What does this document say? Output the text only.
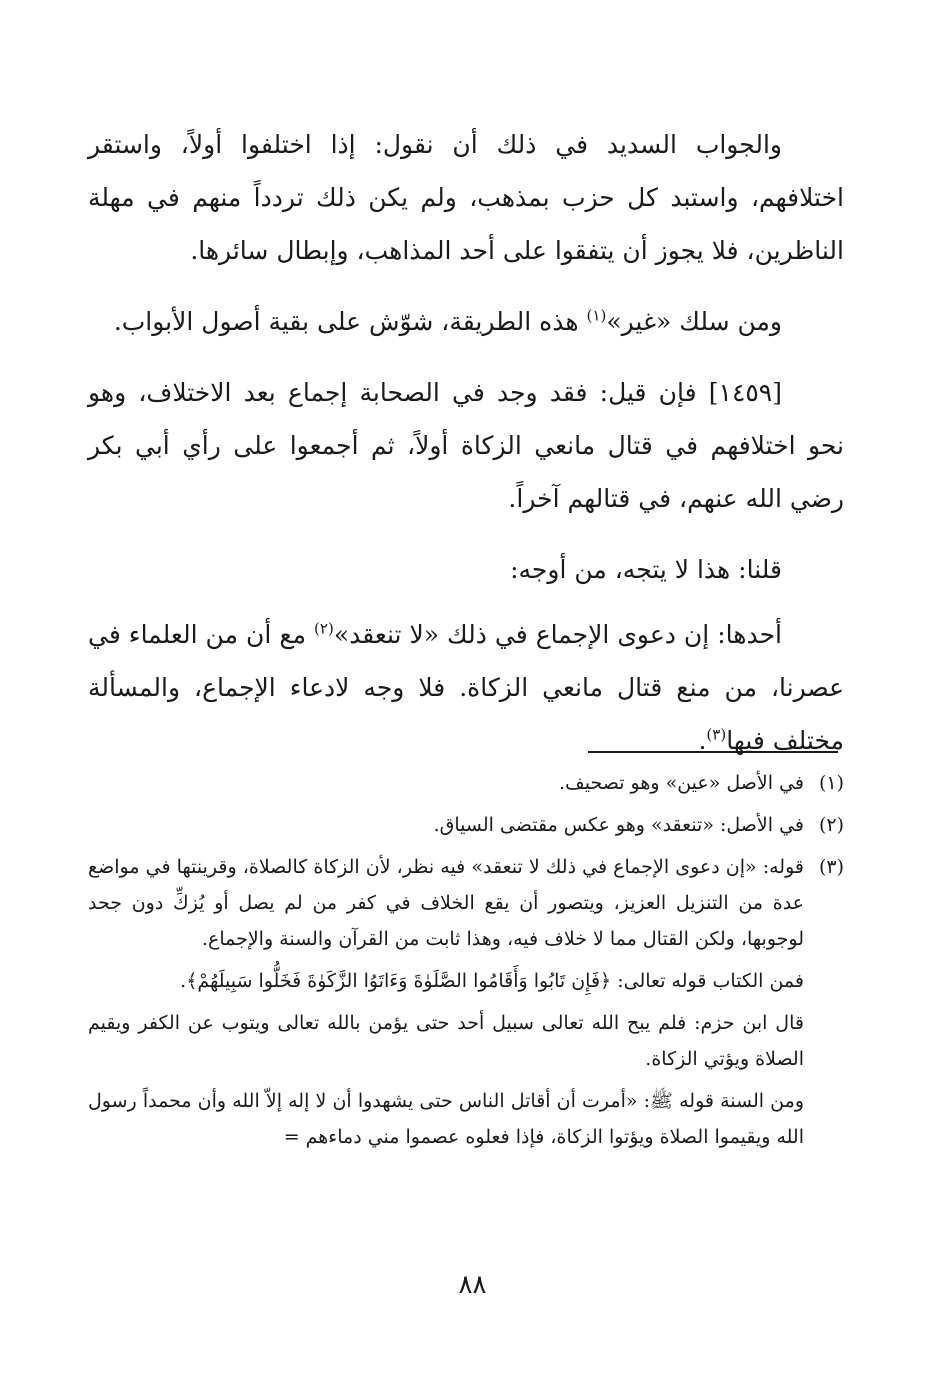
والجواب السديد في ذلك أن نقول: إذا اختلفوا أولاً، واستقر اختلافهم، واستبد كل حزب بمذهب، ولم يكن ذلك تردداً منهم في مهلة الناظرين، فلا يجوز أن يتفقوا على أحد المذاهب، وإبطال سائرها.

ومن سلك «غير»$^{(١)}$ هذه الطريقة، شوّش على بقية أصول الأبواب.

[١٤٥٩] فإن قيل: فقد وجد في الصحابة إجماع بعد الاختلاف، وهو نحو اختلافهم في قتال مانعي الزكاة أولاً، ثم أجمعوا على رأي أبي بكر رضي الله عنهم، في قتالهم آخراً.

قلنا: هذا لا يتجه، من أوجه:

أحدها: إن دعوى الإجماع في ذلك «لا تنعقد»$^{(٢)}$ مع أن من العلماء في عصرنا، من منع قتال مانعي الزكاة. فلا وجه لادعاء الإجماع، والمسألة مختلف فيها$^{(٣)}$.

(١)
في الأصل «عين» وهو تصحيف.
(٢)
في الأصل: «تنعقد» وهو عكس مقتضى السياق.
(٣)

قوله: «إن دعوى الإجماع في ذلك لا تنعقد» فيه نظر، لأن الزكاة كالصلاة، وقرينتها في مواضع عدة من التنزيل العزيز، ويتصور أن يقع الخلاف في كفر من لم يصل أو يُزكِّ دون جحد لوجوبها، ولكن القتال مما لا خلاف فيه، وهذا ثابت من القرآن والسنة والإجماع.

فمن الكتاب قوله تعالى: ﴿فَإِن تَابُوا وَأَقَامُوا الصَّلَوٰةَ وَءَاتَوُا الزَّكَوٰةَ فَخَلُّوا سَبِيلَهُمْ﴾.

قال ابن حزم: فلم يبح الله تعالى سبيل أحد حتى يؤمن بالله تعالى ويتوب عن الكفر ويقيم الصلاة ويؤتي الزكاة.

ومن السنة قوله ﷺ: «أمرت أن أقاتل الناس حتى يشهدوا أن لا إله إلاّ الله وأن محمداً رسول الله ويقيموا الصلاة ويؤتوا الزكاة، فإذا فعلوه عصموا مني دماءهم =

٨٨
